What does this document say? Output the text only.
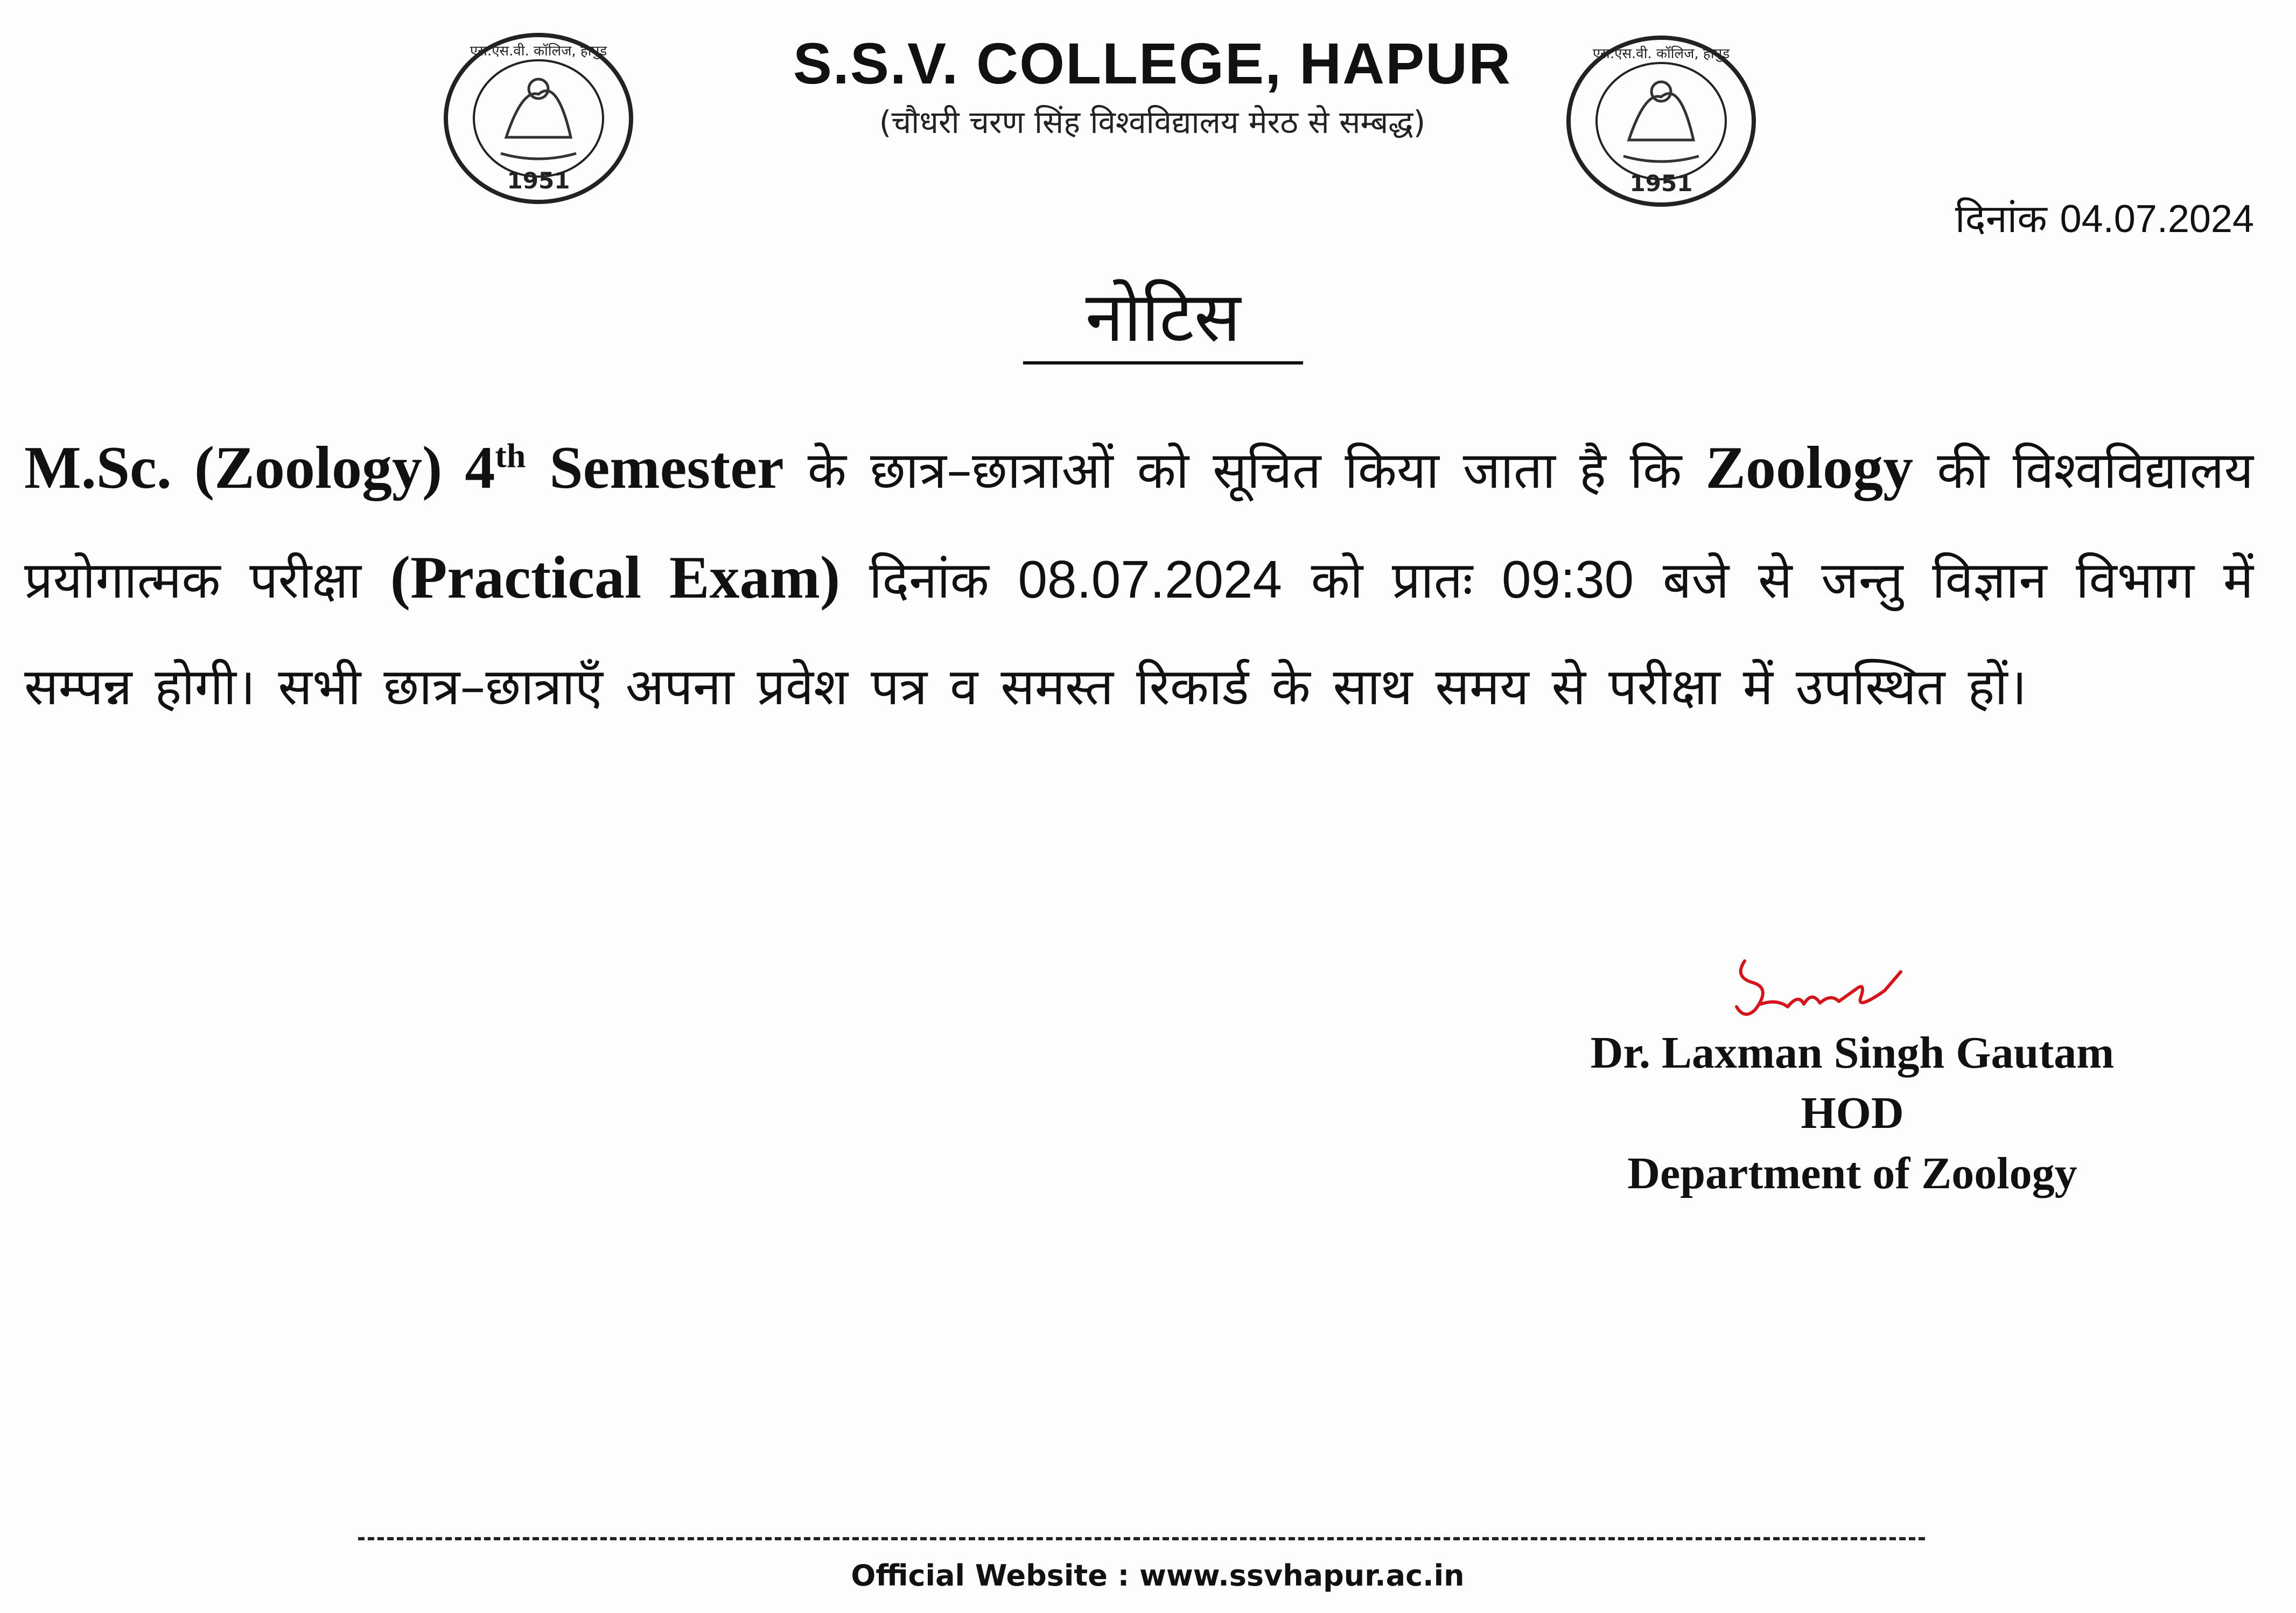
1951
एस.एस.वी. कॉलिज, हापुड़	S.S.V. COLLEGE, HAPUR
(चौधरी चरण सिंह विश्वविद्यालय मेरठ से सम्बद्ध)
1951
एस.एस.वी. कॉलिज, हापुड़
दिनांक 04.07.2024
नोटिस
M.Sc. (Zoology) 4th Semester के छात्र–छात्राओं को सूचित किया जाता है कि Zoology की विश्वविद्यालय प्रयोगात्मक परीक्षा (Practical Exam) दिनांक 08.07.2024 को प्रातः 09:30 बजे से जन्तु विज्ञान विभाग में सम्पन्न होगी। सभी छात्र–छात्राएँ अपना प्रवेश पत्र व समस्त रिकार्ड के साथ समय से परीक्षा में उपस्थित हों।
Dr. Laxman Singh Gautam
HOD
Department of Zoology
Official Website : www.ssvhapur.ac.in
